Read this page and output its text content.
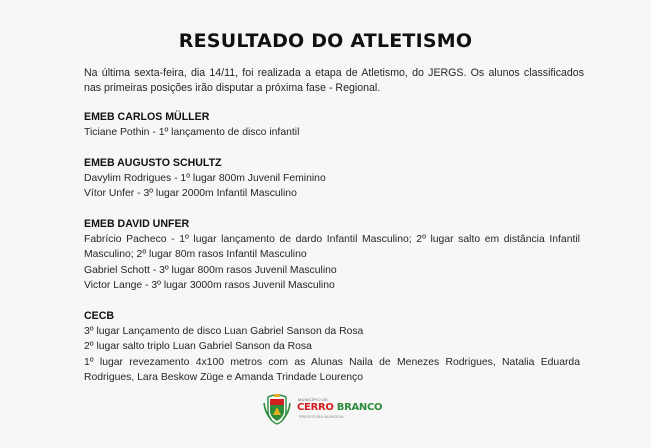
RESULTADO DO ATLETISMO

Na última sexta-feira, dia 14/11, foi realizada a etapa de Atletismo, do JERGS. Os alunos classificados nas primeiras posições irão disputar a próxima fase - Regional.

EMEB CARLOS MÜLLER

Ticiane Pothin - 1º lançamento de disco infantil

EMEB AUGUSTO SCHULTZ

Davylim Rodrigues - 1º lugar 800m Juvenil Feminino

Vítor Unfer - 3º lugar 2000m Infantil Masculino

EMEB DAVID UNFER

Fabrício Pacheco - 1º lugar lançamento de dardo Infantil Masculino; 2º lugar salto em distância Infantil Masculino; 2º lugar 80m rasos Infantil Masculino

Gabriel Schott - 3º lugar 800m rasos Juvenil Masculino

Victor Lange - 3º lugar 3000m rasos Juvenil Masculino

CECB

3º lugar Lançamento de disco Luan Gabriel Sanson da Rosa

2º lugar salto triplo Luan Gabriel Sanson da Rosa

1º lugar revezamento 4x100 metros com as Alunas Naila de Menezes Rodrigues, Natalia Eduarda Rodrigues, Lara Beskow Züge e Amanda Trindade Lourenço

MUNICÍPIO DE
CERRO BRANCO
PREFEITURA MUNICIPAL
